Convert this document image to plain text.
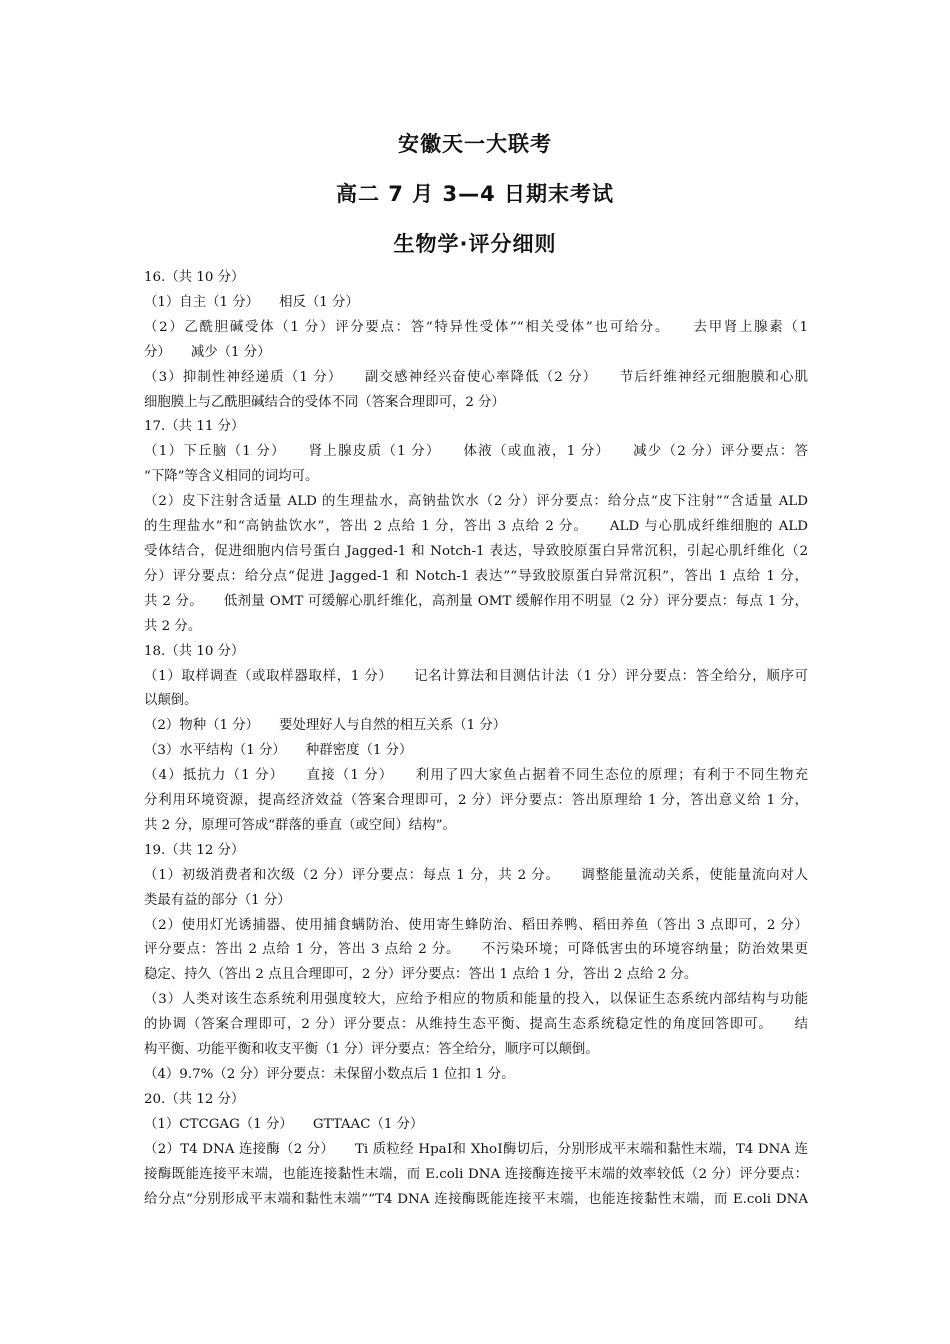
安徽天一大联考
高二 7 月 3—4 日期末考试
生物学·评分细则
16.（共 10 分）
（1）自主（1 分）　　相反（1 分）
（2）乙酰胆碱受体（1 分）评分要点：答“特异性受体”“相关受体”也可给分。　　去甲肾上腺素（1
分）　　减少（1 分）
（3）抑制性神经递质（1 分）　　副交感神经兴奋使心率降低（2 分）　　节后纤维神经元细胞膜和心肌
细胞膜上与乙酰胆碱结合的受体不同（答案合理即可，2 分）
17.（共 11 分）
（1）下丘脑（1 分）　　肾上腺皮质（1 分）　　体液（或血液，1 分）　　减少（2 分）评分要点：答
“下降”等含义相同的词均可。
（2）皮下注射含适量 ALD 的生理盐水，高钠盐饮水（2 分）评分要点：给分点“皮下注射”“含适量 ALD
的生理盐水”和“高钠盐饮水”，答出 2 点给 1 分，答出 3 点给 2 分。　　ALD 与心肌成纤维细胞的 ALD
受体结合，促进细胞内信号蛋白 Jagged-1 和 Notch-1 表达，导致胶原蛋白异常沉积，引起心肌纤维化（2
分）评分要点：给分点“促进 Jagged-1 和 Notch-1 表达”“导致胶原蛋白异常沉积”，答出 1 点给 1 分，
共 2 分。　　低剂量 OMT 可缓解心肌纤维化，高剂量 OMT 缓解作用不明显（2 分）评分要点：每点 1 分，
共 2 分。
18.（共 10 分）
（1）取样调查（或取样器取样，1 分）　　记名计算法和目测估计法（1 分）评分要点：答全给分，顺序可
以颠倒。
（2）物种（1 分）　　要处理好人与自然的相互关系（1 分）
（3）水平结构（1 分）　　种群密度（1 分）
（4）抵抗力（1 分）　　直接（1 分）　　利用了四大家鱼占据着不同生态位的原理；有利于不同生物充
分利用环境资源，提高经济效益（答案合理即可，2 分）评分要点：答出原理给 1 分，答出意义给 1 分，
共 2 分，原理可答成“群落的垂直（或空间）结构”。
19.（共 12 分）
（1）初级消费者和次级（2 分）评分要点：每点 1 分，共 2 分。　　调整能量流动关系，使能量流向对人
类最有益的部分（1 分）
（2）使用灯光诱捕器、使用捕食螨防治、使用寄生蜂防治、稻田养鸭、稻田养鱼（答出 3 点即可，2 分）
评分要点：答出 2 点给 1 分，答出 3 点给 2 分。　　不污染环境；可降低害虫的环境容纳量；防治效果更
稳定、持久（答出 2 点且合理即可，2 分）评分要点：答出 1 点给 1 分，答出 2 点给 2 分。
（3）人类对该生态系统利用强度较大，应给予相应的物质和能量的投入，以保证生态系统内部结构与功能
的协调（答案合理即可，2 分）评分要点：从维持生态平衡、提高生态系统稳定性的角度回答即可。　　结
构平衡、功能平衡和收支平衡（1 分）评分要点：答全给分，顺序可以颠倒。
（4）9.7%（2 分）评分要点：未保留小数点后 1 位扣 1 分。
20.（共 12 分）
（1）CTCGAG（1 分）　　GTTAAC（1 分）
（2）T4 DNA 连接酶（2 分）　　Ti 质粒经 HpaⅠ和 XhoⅠ酶切后，分别形成平末端和黏性末端，T4 DNA 连
接酶既能连接平末端，也能连接黏性末端，而 E.coli DNA 连接酶连接平末端的效率较低（2 分）评分要点：
给分点“分别形成平末端和黏性末端”“T4 DNA 连接酶既能连接平末端，也能连接黏性末端，而 E.coli DNA
